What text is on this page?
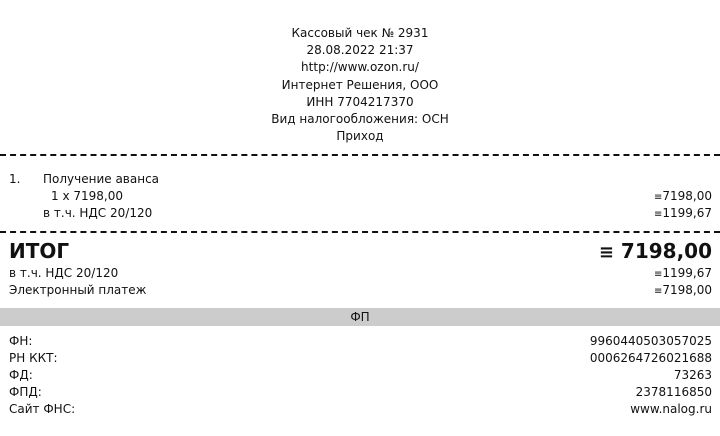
Кассовый чек № 2931
28.08.2022 21:37
http://www.ozon.ru/
Интернет Решения, ООО
ИНН 7704217370
Вид налогообложения: ОСН
Приход
1. Получение аванса
1 x 7198,00	≡7198,00
в т.ч. НДС 20/120	≡1199,67
ИТОГ	≡ 7198,00
в т.ч. НДС 20/120	≡1199,67
Электронный платеж	≡7198,00
ФП
ФН:	9960440503057025
РН ККТ:	0006264726021688
ФД:	73263
ФПД:	2378116850
Сайт ФНС:	www.nalog.ru
